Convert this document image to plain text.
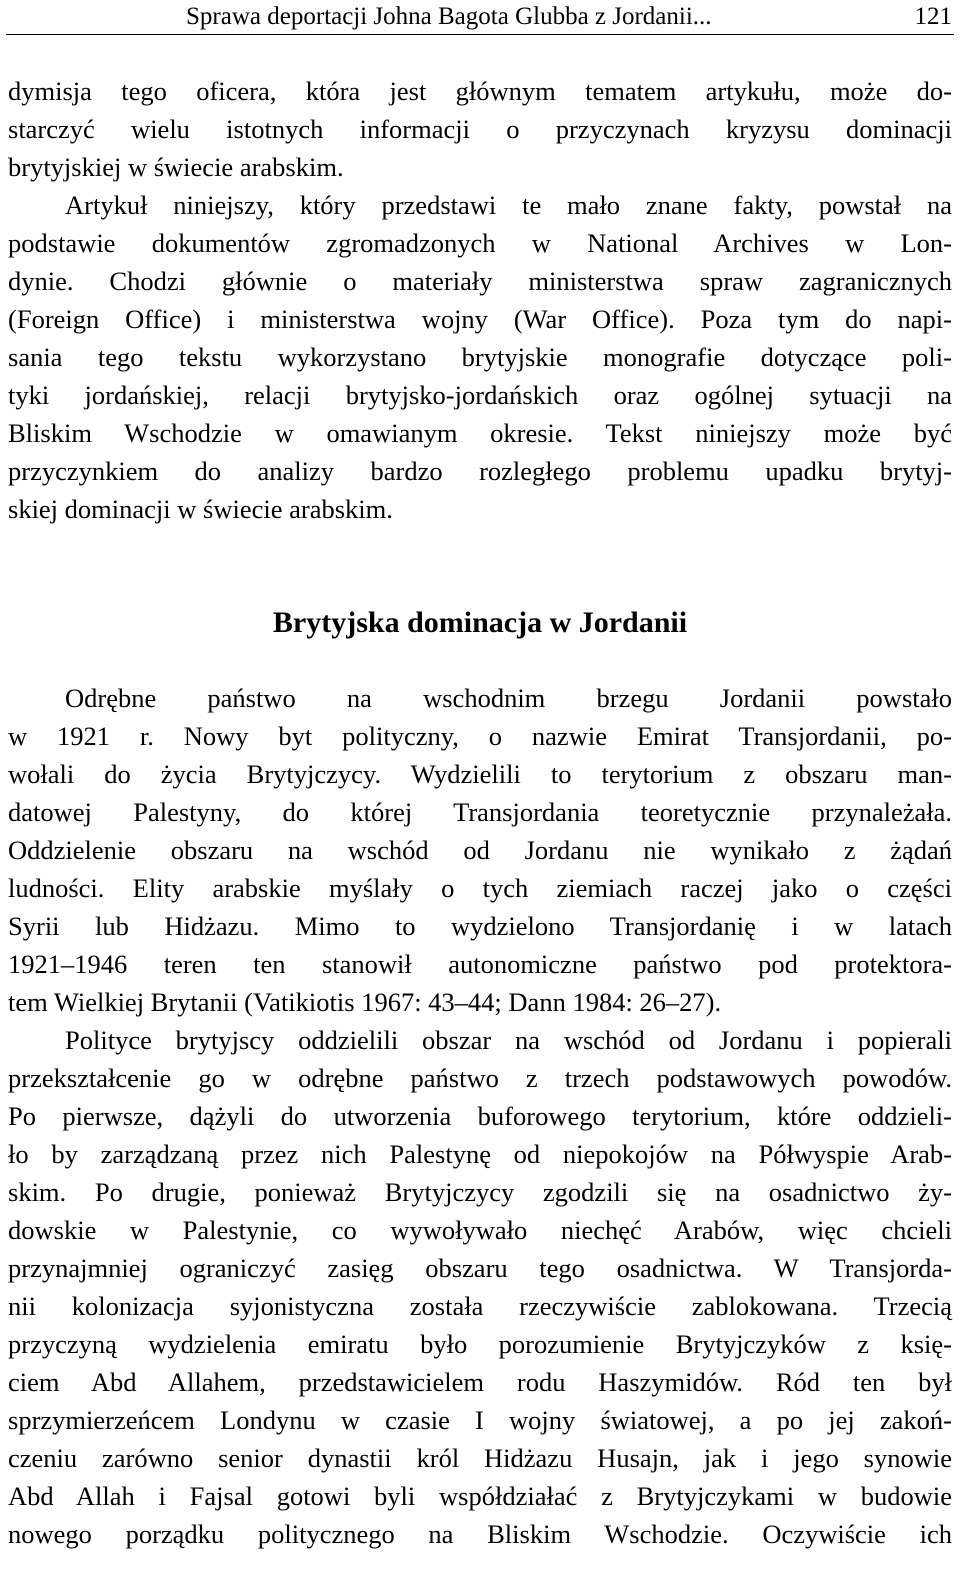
Sprawa deportacji Johna Bagota Glubba z Jordanii...	121
dymisja tego oficera, która jest głównym tematem artykułu, może do-
starczyć wielu istotnych informacji o przyczynach kryzysu dominacji
brytyjskiej w świecie arabskim.
Artykuł niniejszy, który przedstawi te mało znane fakty, powstał na
podstawie dokumentów zgromadzonych w National Archives w Lon-
dynie. Chodzi głównie o materiały ministerstwa spraw zagranicznych
(Foreign Office) i ministerstwa wojny (War Office). Poza tym do napi-
sania tego tekstu wykorzystano brytyjskie monografie dotyczące poli-
tyki jordańskiej, relacji brytyjsko-jordańskich oraz ogólnej sytuacji na
Bliskim Wschodzie w omawianym okresie. Tekst niniejszy może być
przyczynkiem do analizy bardzo rozległego problemu upadku brytyj-
skiej dominacji w świecie arabskim.
Brytyjska dominacja w Jordanii
Odrębne państwo na wschodnim brzegu Jordanii powstało
w 1921 r. Nowy byt polityczny, o nazwie Emirat Transjordanii, po-
wołali do życia Brytyjczycy. Wydzielili to terytorium z obszaru man-
datowej Palestyny, do której Transjordania teoretycznie przynależała.
Oddzielenie obszaru na wschód od Jordanu nie wynikało z żądań
ludności. Elity arabskie myślały o tych ziemiach raczej jako o części
Syrii lub Hidżazu. Mimo to wydzielono Transjordanię i w latach
1921–1946 teren ten stanowił autonomiczne państwo pod protektora-
tem Wielkiej Brytanii (Vatikiotis 1967: 43–44; Dann 1984: 26–27).
Polityce brytyjscy oddzielili obszar na wschód od Jordanu i popierali
przekształcenie go w odrębne państwo z trzech podstawowych powodów.
Po pierwsze, dążyli do utworzenia buforowego terytorium, które oddzieli-
ło by zarządzaną przez nich Palestynę od niepokojów na Półwyspie Arab-
skim. Po drugie, ponieważ Brytyjczycy zgodzili się na osadnictwo ży-
dowskie w Palestynie, co wywoływało niechęć Arabów, więc chcieli
przynajmniej ograniczyć zasięg obszaru tego osadnictwa. W Transjorda-
nii kolonizacja syjonistyczna została rzeczywiście zablokowana. Trzecią
przyczyną wydzielenia emiratu było porozumienie Brytyjczyków z księ-
ciem Abd Allahem, przedstawicielem rodu Haszymidów. Ród ten był
sprzymierzeńcem Londynu w czasie I wojny światowej, a po jej zakoń-
czeniu zarówno senior dynastii król Hidżazu Husajn, jak i jego synowie
Abd Allah i Fajsal gotowi byli współdziałać z Brytyjczykami w budowie
nowego porządku politycznego na Bliskim Wschodzie. Oczywiście ich
